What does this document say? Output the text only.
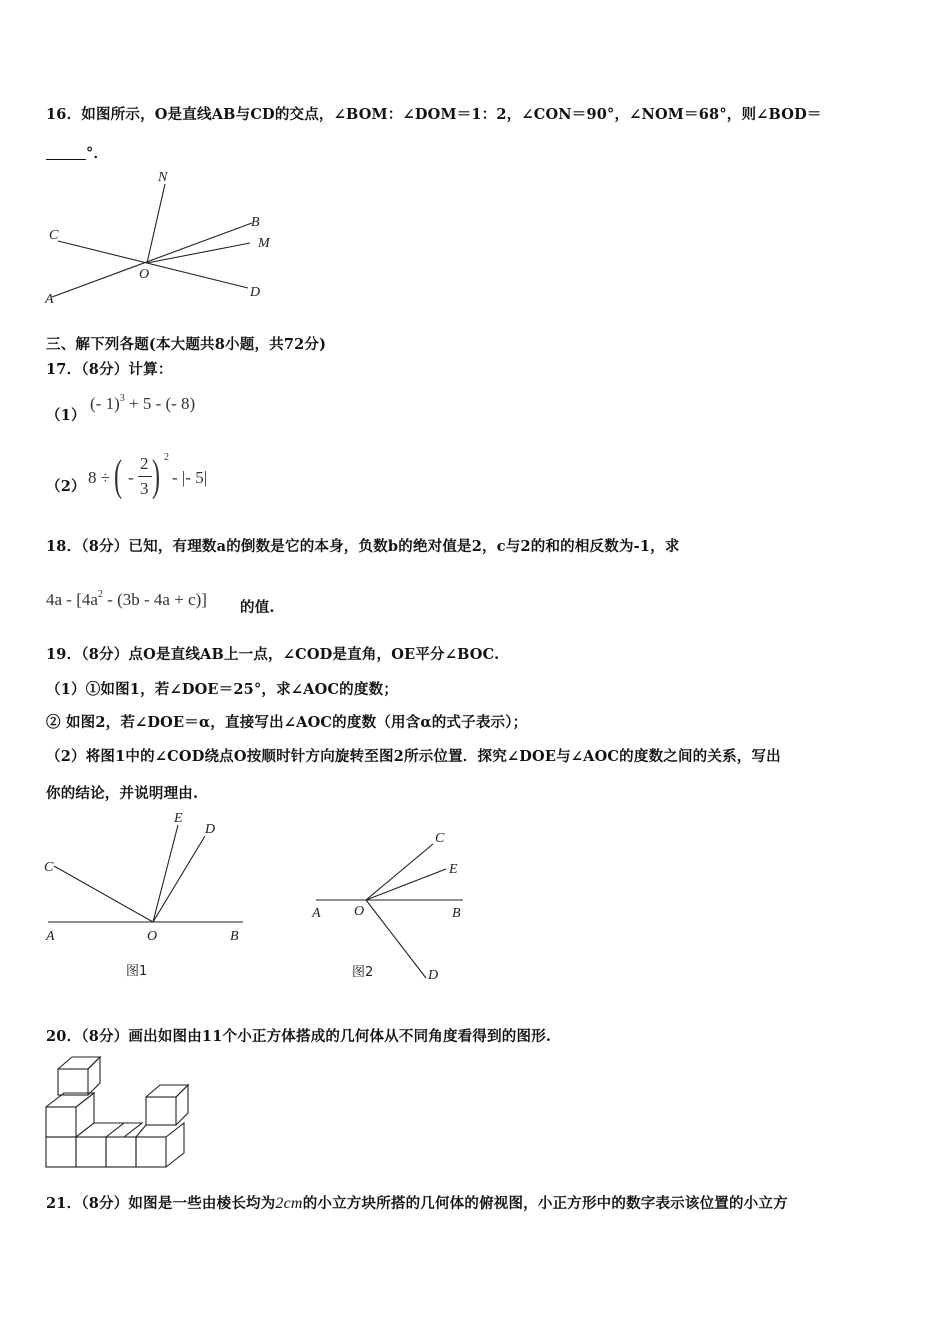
16．如图所示，O是直线AB与CD的交点，∠BOM：∠DOM＝1：2，∠CON＝90°，∠NOM＝68°，则∠BOD＝
°．
N
C
B
M
O
A	D
三、解下列各题(本大题共8小题，共72分)
17．（8分）计算：
（1）
(- 1)$^3$ + 5 - (- 8)
（2） 8 ÷ ( -
2
3 ) 2
- |- 5|
18．（8分）已知，有理数a的倒数是它的本身，负数b的绝对值是2，c与2的和的相反数为-1，求
$4a - [4a^2 - (3b - 4a + c)]$ 的值.
19．（8分）点O是直线AB上一点，∠COD是直角，OE平分∠BOC.
（1）①如图1，若∠DOE＝25°，求∠AOC的度数；
② 如图2，若∠DOE＝α，直接写出∠AOC的度数（用含α的式子表示）；
（2）将图1中的∠COD绕点O按顺时针方向旋转至图2所示位置．探究∠DOE与∠AOC的度数之间的关系，写出
你的结论，并说明理由.
C
E
D
A	O	B
图1
C
E
A O	B
D
图2
20．（8分）画出如图由11个小正方体搭成的几何体从不同角度看得到的图形.
21．（8分）如图是一些由棱长均为2cm的小立方块所搭的几何体的俯视图，小正方形中的数字表示该位置的小立方
